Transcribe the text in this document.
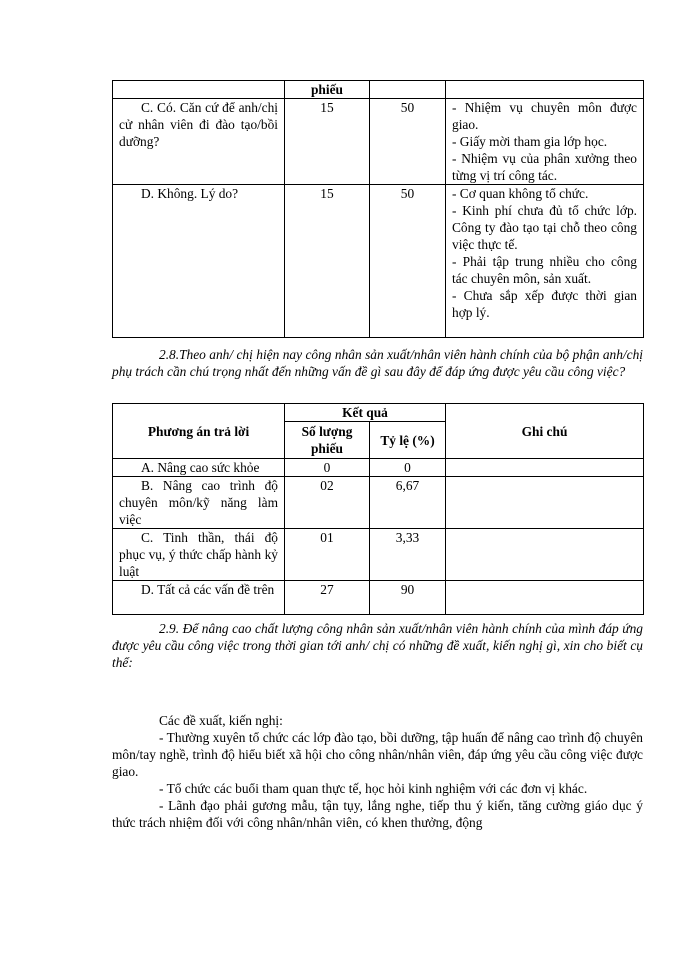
	phiếu		
C. Có. Căn cứ để anh/chị cử nhân viên đi đào tạo/bồi dưỡng?	15	50	- Nhiệm vụ chuyên môn được giao.
- Giấy mời tham gia lớp học.
- Nhiệm vụ của phân xưởng theo từng vị trí công tác.

D. Không. Lý do?	15	50	- Cơ quan không tổ chức.
- Kinh phí chưa đủ tổ chức lớp. Công ty đào tạo tại chỗ theo công việc thực tế.
- Phải tập trung nhiều cho công tác chuyên môn, sản xuất.
- Chưa sắp xếp được thời gian hợp lý.
2.8.Theo anh/ chị hiện nay công nhân sản xuất/nhân viên hành chính của bộ phận anh/chị phụ trách cần chú trọng nhất đến những vấn đề gì sau đây để đáp ứng được yêu cầu công việc?
Phương án trả lời	Kết quả		Ghi chú
	Số lượng phiếu	Tỷ lệ (%)	
A. Nâng cao sức khỏe	0	0	
B. Nâng cao trình độ chuyên môn/kỹ năng làm việc	02	6,67	
C. Tinh thần, thái độ phục vụ, ý thức chấp hành kỷ luật	01	3,33	
D. Tất cả các vấn đề trên	27	90	
2.9. Để nâng cao chất lượng công nhân sản xuất/nhân viên hành chính của mình đáp ứng được yêu cầu công việc trong thời gian tới anh/ chị có những đề xuất, kiến nghị gì, xin cho biết cụ thể:
Các đề xuất, kiến nghị:
- Thường xuyên tổ chức các lớp đào tạo, bồi dưỡng, tập huấn để nâng cao trình độ chuyên môn/tay nghề, trình độ hiểu biết xã hội cho công nhân/nhân viên, đáp ứng yêu cầu công việc được giao.
- Tổ chức các buổi tham quan thực tế, học hỏi kinh nghiệm với các đơn vị khác.
- Lãnh đạo phải gương mẫu, tận tụy, lắng nghe, tiếp thu ý kiến, tăng cường giáo dục ý thức trách nhiệm đối với công nhân/nhân viên, có khen thưởng, động
